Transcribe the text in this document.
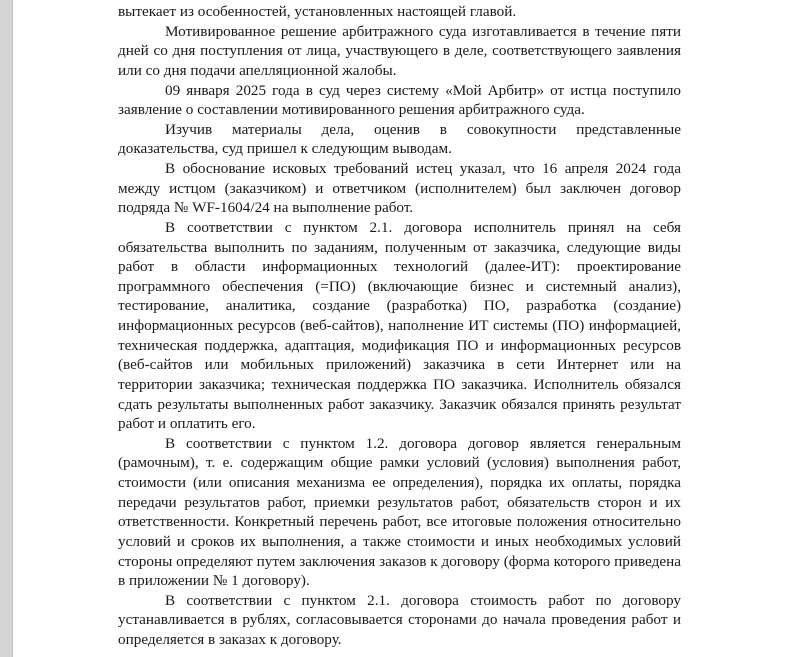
вытекает из особенностей, установленных настоящей главой.

Мотивированное решение арбитражного суда изготавливается в течение пяти дней со дня поступления от лица, участвующего в деле, соответствующего заявления или со дня подачи апелляционной жалобы.

09 января 2025 года в суд через систему «Мой Арбитр» от истца поступило заявление о составлении мотивированного решения арбитражного суда.

Изучив материалы дела, оценив в совокупности представленные доказательства, суд пришел к следующим выводам.

В обоснование исковых требований истец указал, что 16 апреля 2024 года между истцом (заказчиком) и ответчиком (исполнителем) был заключен договор подряда № WF-1604/24 на выполнение работ.

В соответствии с пунктом 2.1. договора исполнитель принял на себя обязательства выполнить по заданиям, полученным от заказчика, следующие виды работ в области информационных технологий (далее-ИТ): проектирование программного обеспечения (=ПО) (включающие бизнес и системный анализ), тестирование, аналитика, создание (разработка) ПО, разработка (создание) информационных ресурсов (веб-сайтов), наполнение ИТ системы (ПО) информацией, техническая поддержка, адаптация, модификация ПО и информационных ресурсов (веб-сайтов или мобильных приложений) заказчика в сети Интернет или на территории заказчика; техническая поддержка ПО заказчика. Исполнитель обязался сдать результаты выполненных работ заказчику. Заказчик обязался принять результат работ и оплатить его.

В соответствии с пунктом 1.2. договора договор является генеральным (рамочным), т. е. содержащим общие рамки условий (условия) выполнения работ, стоимости (или описания механизма ее определения), порядка их оплаты, порядка передачи результатов работ, приемки результатов работ, обязательств сторон и их ответственности. Конкретный перечень работ, все итоговые положения относительно условий и сроков их выполнения, а также стоимости и иных необходимых условий стороны определяют путем заключения заказов к договору (форма которого приведена в приложении № 1 договору).

В соответствии с пунктом 2.1. договора стоимость работ по договору устанавливается в рублях, согласовывается сторонами до начала проведения работ и определяется в заказах к договору.
